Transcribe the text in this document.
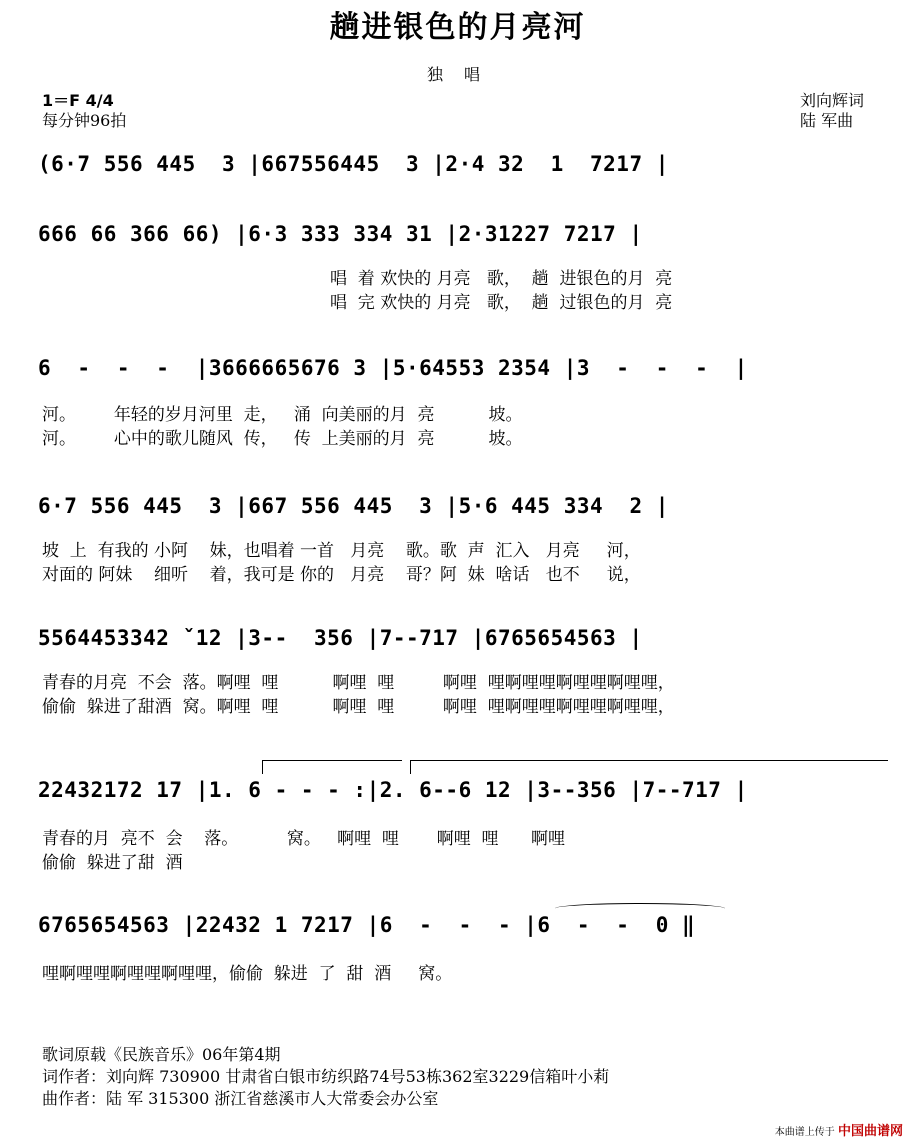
趟进银色的月亮河
独 唱
1＝F 4/4
每分钟96拍
刘向辉词
陆 军曲
(6·7 556 445  3 |667556445  3 |2·4 32  1  7217 |
666 66 366 66) |6·3 333 334 31 |2·31227 7217 |
唱  着 欢快的 月亮   歌，  趟  进银色的月  亮
唱  完 欢快的 月亮   歌，  趟  过银色的月  亮
6  -  -  -  |3666665676 3 |5·64553 2354 |3  -  -  -  |
河。       年轻的岁月河里  走，   涌  向美丽的月  亮          坡。
河。       心中的歌儿随风  传，   传  上美丽的月  亮          坡。
6·7 556 445  3 |667 556 445  3 |5·6 445 334  2 |
坡  上  有我的 小阿    妹，也唱着 一首   月亮    歌。歌  声  汇入   月亮     河，
对面的 阿妹    细听    着，我可是 你的   月亮    哥？阿  妹  啥话   也不     说，
5564453342 ˇ12 |3--  356 |7--717 |6765654563 |
青春的月亮  不会  落。啊哩  哩          啊哩  哩         啊哩  哩啊哩哩啊哩哩啊哩哩，
偷偷  躲进了甜酒  窝。啊哩  哩          啊哩  哩         啊哩  哩啊哩哩啊哩哩啊哩哩，
22432172 17 |1. 6 - - - :|2. 6--6 12 |3--356 |7--717 |
青春的月  亮不  会    落。         窝。   啊哩  哩       啊哩  哩      啊哩
偷偷  躲进了甜  酒
6765654563 |22432 1 7217 |6  -  -  - |6  -  -  0 ‖
哩啊哩哩啊哩哩啊哩哩，偷偷  躲进  了  甜  酒     窝。
歌词原载《民族音乐》06年第4期
词作者：刘向辉 730900 甘肃省白银市纺织路74号53栋362室3229信箱叶小莉
曲作者：陆 军 315300 浙江省慈溪市人大常委会办公室
本曲谱上传于 中国曲谱网
